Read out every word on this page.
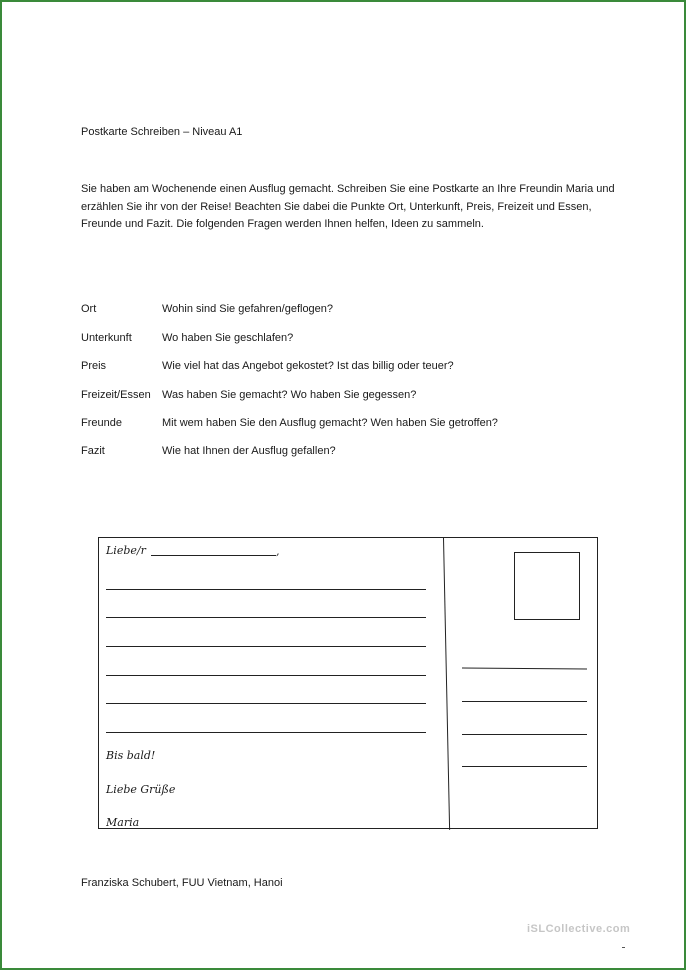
Postkarte Schreiben – Niveau A1
Sie haben am Wochenende einen Ausflug gemacht. Schreiben Sie eine Postkarte an Ihre Freundin Maria und erzählen Sie ihr von der Reise! Beachten Sie dabei die Punkte Ort, Unterkunft, Preis, Freizeit und Essen, Freunde und Fazit. Die folgenden Fragen werden Ihnen helfen, Ideen zu sammeln.
Ort	Wohin sind Sie gefahren/geflogen?
Unterkunft	Wo haben Sie geschlafen?
Preis	Wie viel hat das Angebot gekostet? Ist das billig oder teuer?
Freizeit/Essen	Was haben Sie gemacht? Wo haben Sie gegessen?
Freunde	Mit wem haben Sie den Ausflug gemacht? Wen haben Sie getroffen?
Fazit	Wie hat Ihnen der Ausflug gefallen?
Liebe/r	,
Bis bald!
Liebe Grüße
Maria
Franziska Schubert, FUU Vietnam, Hanoi
iSLCollective.com
